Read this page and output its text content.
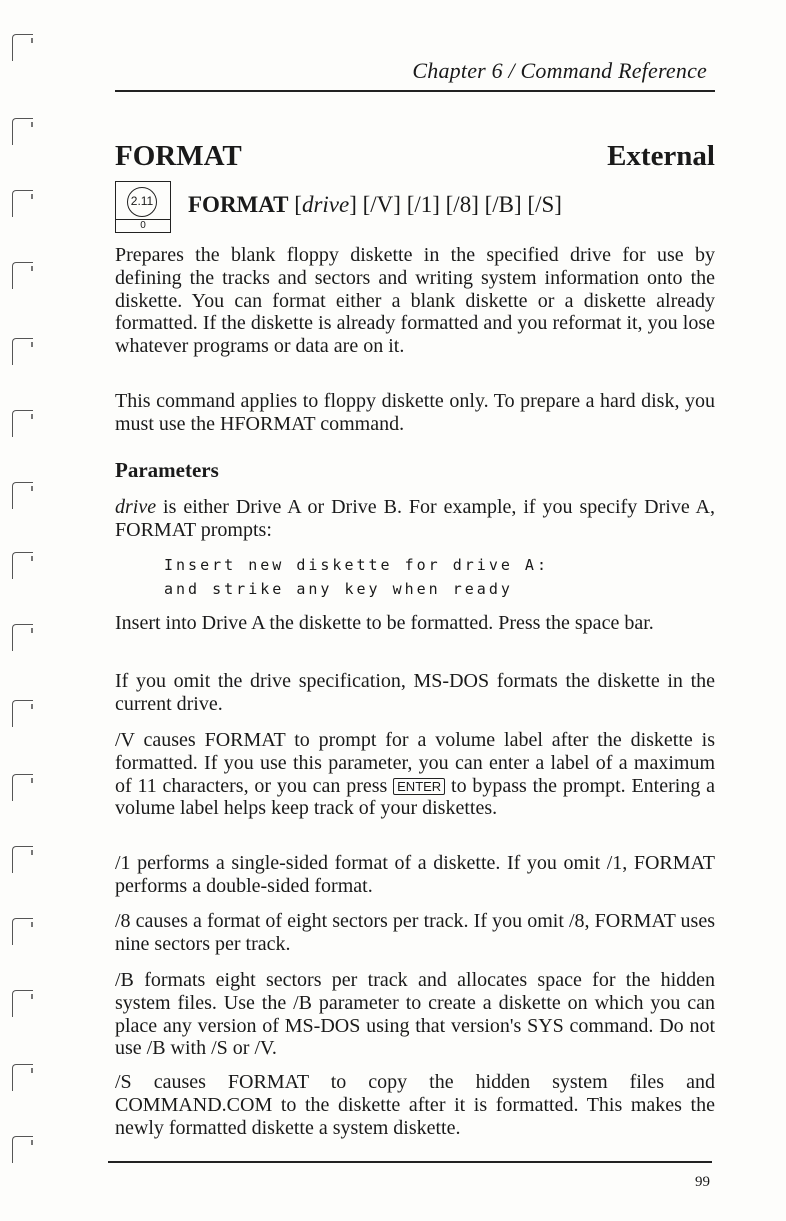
Chapter 6 / Command Reference
FORMAT	External
2.11
0
FORMAT [drive] [/V] [/1] [/8] [/B] [/S]

Prepares the blank floppy diskette in the specified drive for use by defining the tracks and sectors and writing system information onto the diskette. You can format either a blank diskette or a diskette already formatted. If the diskette is already formatted and you reformat it, you lose whatever programs or data are on it.

This command applies to floppy diskette only. To prepare a hard disk, you must use the HFORMAT command.

Parameters

drive is either Drive A or Drive B. For example, if you specify Drive A, FORMAT prompts:

Insert new diskette for drive A:
and strike any key when ready

Insert into Drive A the diskette to be formatted. Press the space bar.

If you omit the drive specification, MS-DOS formats the diskette in the current drive.

/V causes FORMAT to prompt for a volume label after the diskette is formatted. If you use this parameter, you can enter a label of a maximum of 11 characters, or you can press ENTER to bypass the prompt. Entering a volume label helps keep track of your diskettes.

/1 performs a single-sided format of a diskette. If you omit /1, FORMAT performs a double-sided format.

/8 causes a format of eight sectors per track. If you omit /8, FORMAT uses nine sectors per track.

/B formats eight sectors per track and allocates space for the hidden system files. Use the /B parameter to create a diskette on which you can place any version of MS-DOS using that version's SYS command. Do not use /B with /S or /V.

/S causes FORMAT to copy the hidden system files and COMMAND.COM to the diskette after it is formatted. This makes the newly formatted diskette a system diskette.

99
